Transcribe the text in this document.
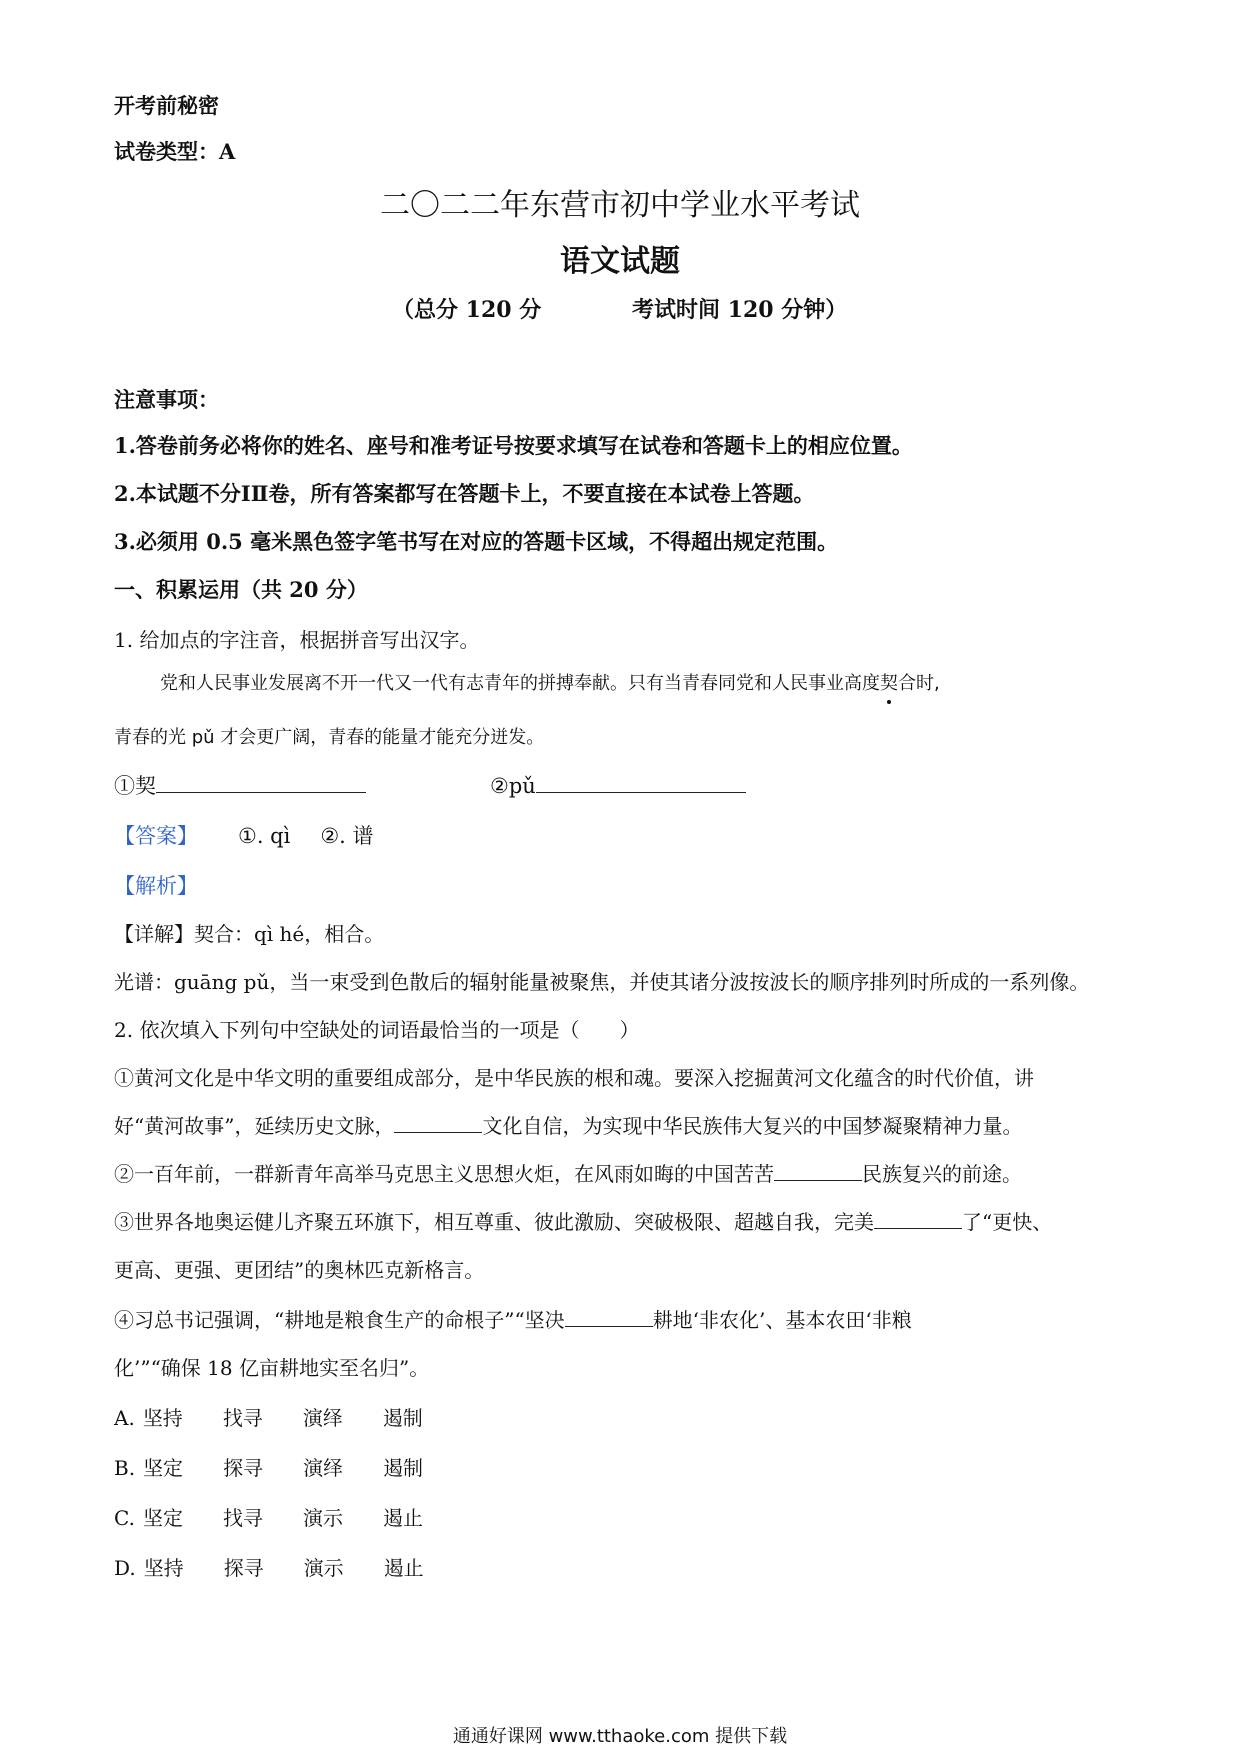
开考前秘密
试卷类型：A
二〇二二年东营市初中学业水平考试
语文试题
（总分 120 分	考试时间 120 分钟）
注意事项：
1.答卷前务必将你的姓名、座号和准考证号按要求填写在试卷和答题卡上的相应位置。
2.本试题不分ⅠⅡ卷，所有答案都写在答题卡上，不要直接在本试卷上答题。
3.必须用 0.5 毫米黑色签字笔书写在对应的答题卡区域，不得超出规定范围。
一、积累运用（共 20 分）
1. 给加点的字注音，根据拼音写出汉字。
党和人民事业发展离不开一代又一代有志青年的拼搏奉献。只有当青春同党和人民事业高度契合时,
青春的光 pǔ 才会更广阔，青春的能量才能充分迸发。
①契	②pǔ
【答案】 ①. qì ②. 谱
【解析】
【详解】契合：qì hé，相合。
光谱：guāng pǔ，当一束受到色散后的辐射能量被聚焦，并使其诸分波按波长的顺序排列时所成的一系列像。
2. 依次填入下列句中空缺处的词语最恰当的一项是（　　）
①黄河文化是中华文明的重要组成部分，是中华民族的根和魂。要深入挖掘黄河文化蕴含的时代价值，讲
好“黄河故事”，延续历史文脉，	文化自信，为实现中华民族伟大复兴的中国梦凝聚精神力量。
②一百年前，一群新青年高举马克思主义思想火炬，在风雨如晦的中国苦苦	民族复兴的前途。
③世界各地奥运健儿齐聚五环旗下，相互尊重、彼此激励、突破极限、超越自我，完美	了“更快、
更高、更强、更团结”的奥林匹克新格言。
④习总书记强调，“耕地是粮食生产的命根子”“坚决	耕地‘非农化’、基本农田‘非粮
化’”“确保 18 亿亩耕地实至名归”。
A. 坚持 找寻 演绎 遏制
B. 坚定 探寻 演绎 遏制
C. 坚定 找寻 演示 遏止
D. 坚持 探寻 演示 遏止
通通好课网 www.tthaoke.com 提供下载
